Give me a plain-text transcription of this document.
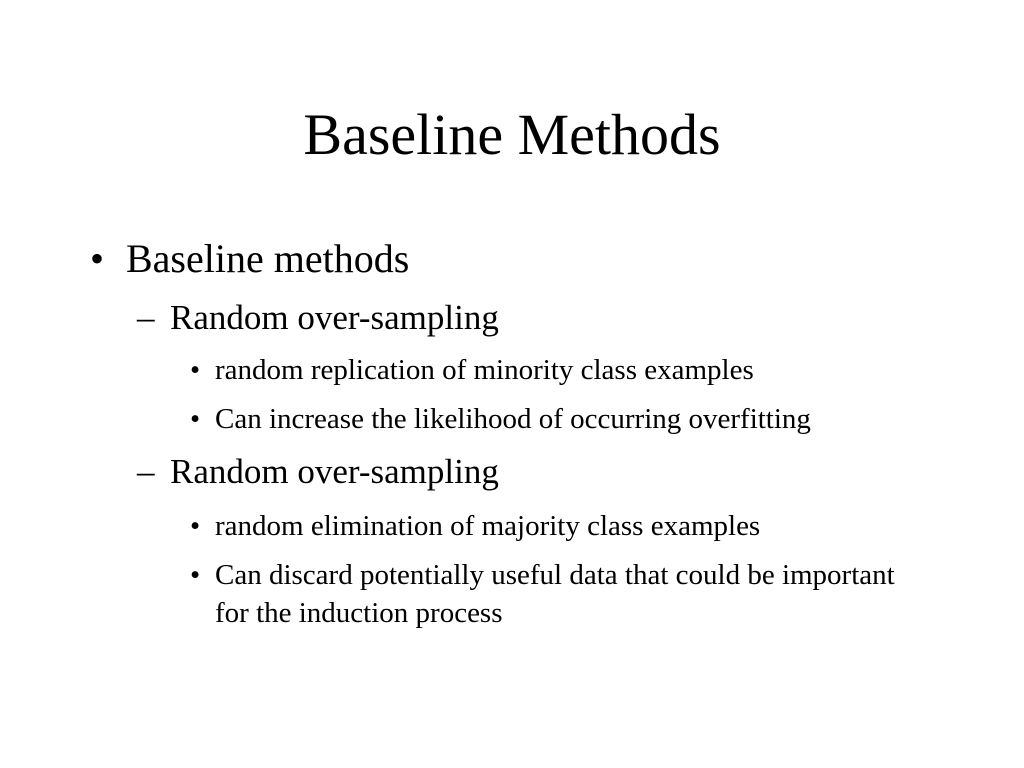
Baseline Methods
• Baseline methods
– Random over-sampling
• random replication of minority class examples
• Can increase the likelihood of occurring overfitting
– Random over-sampling
• random elimination of majority class examples
• Can discard potentially useful data that could be important for the induction process
